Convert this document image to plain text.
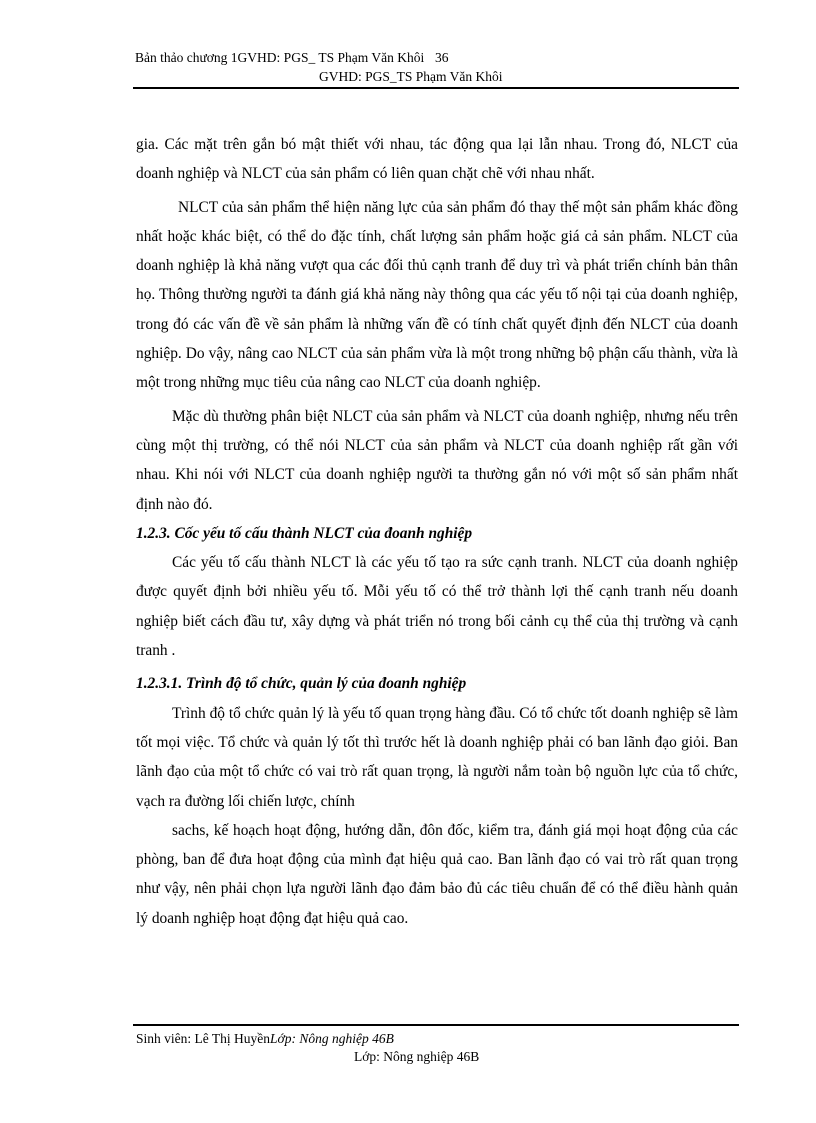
Bản thảo chương 1GVHD: PGS_ TS Phạm Văn Khôi 36
GVHD: PGS_TS Phạm Văn Khôi

gia. Các mặt trên gắn bó mật thiết với nhau, tác động qua lại lẫn nhau. Trong đó, NLCT của doanh nghiệp và NLCT của sản phẩm có liên quan chặt chẽ với nhau nhất.

NLCT của sản phẩm thể hiện năng lực của sản phẩm đó thay thế một sản phẩm khác đồng nhất hoặc khác biệt, có thể do đặc tính, chất lượng sản phẩm hoặc giá cả sản phẩm. NLCT của doanh nghiệp là khả năng vượt qua các đối thủ cạnh tranh để duy trì và phát triển chính bản thân họ. Thông thường người ta đánh giá khả năng này thông qua các yếu tố nội tại của doanh nghiệp, trong đó các vấn đề về sản phẩm là những vấn đề có tính chất quyết định đến NLCT của doanh nghiệp. Do vậy, nâng cao NLCT của sản phẩm vừa là một trong những bộ phận cấu thành, vừa là một trong những mục tiêu của nâng cao NLCT của doanh nghiệp.

Mặc dù thường phân biệt NLCT của sản phẩm và NLCT của doanh nghiệp, nhưng nếu trên cùng một thị trường, có thể nói NLCT của sản phẩm và NLCT của doanh nghiệp rất gần với nhau. Khi nói với NLCT của doanh nghiệp người ta thường gắn nó với một số sản phẩm nhất định nào đó.

1.2.3. Cốc yếu tố cấu thành NLCT của đoanh nghiệp

Các yếu tố cấu thành NLCT là các yếu tố tạo ra sức cạnh tranh. NLCT của doanh nghiệp được quyết định bởi nhiều yếu tố. Mỗi yếu tố có thể trở thành lợi thế cạnh tranh nếu doanh nghiệp biết cách đầu tư, xây dựng và phát triển nó trong bối cảnh cụ thể của thị trường và cạnh tranh .

1.2.3.1. Trình độ tổ chức, quản lý của đoanh nghiệp

Trình độ tổ chức quản lý là yếu tố quan trọng hàng đầu. Có tổ chức tốt doanh nghiệp sẽ làm tốt mọi việc. Tổ chức và quản lý tốt thì trước hết là doanh nghiệp phải có ban lãnh đạo giỏi. Ban lãnh đạo của một tổ chức có vai trò rất quan trọng, là người nắm toàn bộ nguồn lực của tổ chức, vạch ra đường lối chiến lược, chính

sachs, kế hoạch hoạt động, hướng dẫn, đôn đốc, kiểm tra, đánh giá mọi hoạt động của các phòng, ban để đưa hoạt động của mình đạt hiệu quả cao. Ban lãnh đạo có vai trò rất quan trọng như vậy, nên phải chọn lựa người lãnh đạo đảm bảo đủ các tiêu chuẩn để có thể điều hành quản lý doanh nghiệp hoạt động đạt hiệu quả cao.

Sinh viên: Lê Thị HuyềnLớp: Nông nghiệp 46B
Lớp: Nông nghiệp 46B
